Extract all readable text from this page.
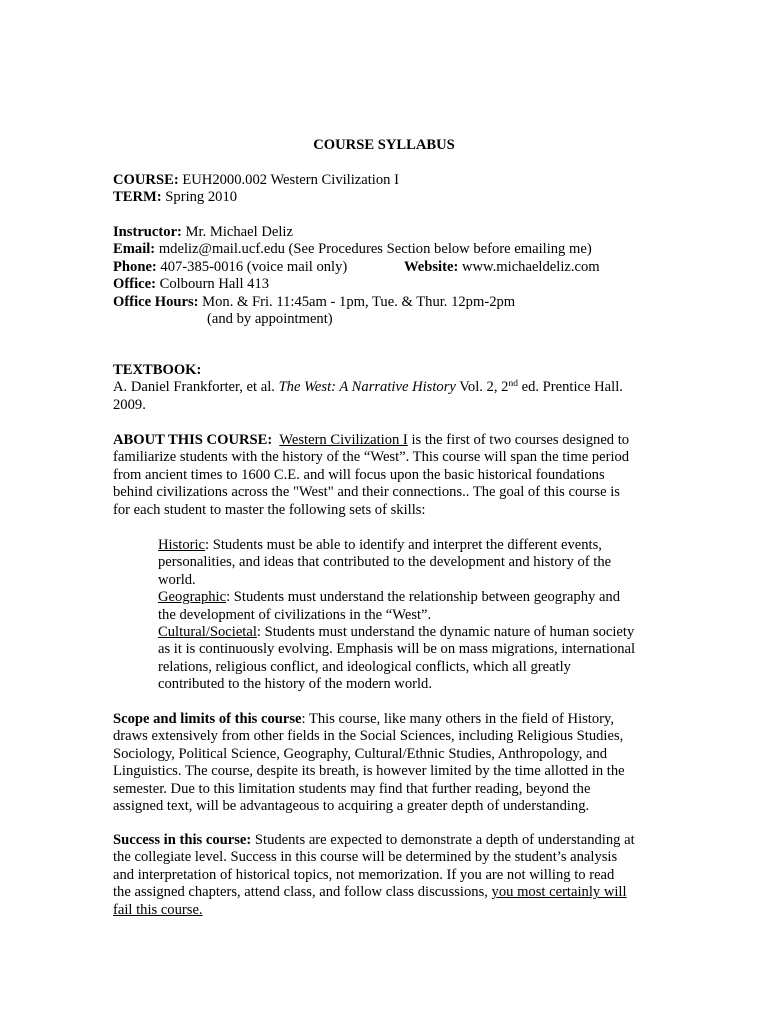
COURSE SYLLABUS
COURSE: EUH2000.002 Western Civilization I
TERM: Spring 2010
Instructor: Mr. Michael Deliz
Email: mdeliz@mail.ucf.edu (See Procedures Section below before emailing me)
Phone: 407-385-0016 (voice mail only)	Website: www.michaeldeliz.com
Office: Colbourn Hall 413
Office Hours: Mon. & Fri. 11:45am - 1pm, Tue. & Thur. 12pm-2pm
(and by appointment)
TEXTBOOK:
A. Daniel Frankforter, et al. The West: A Narrative History Vol. 2, 2nd ed. Prentice Hall.
2009.
ABOUT THIS COURSE: Western Civilization I is the first of two courses designed to
familiarize students with the history of the “West”. This course will span the time period
from ancient times to 1600 C.E. and will focus upon the basic historical foundations
behind civilizations across the "West" and their connections.. The goal of this course is
for each student to master the following sets of skills:
Historic: Students must be able to identify and interpret the different events,
personalities, and ideas that contributed to the development and history of the
world.
Geographic: Students must understand the relationship between geography and
the development of civilizations in the “West”.
Cultural/Societal: Students must understand the dynamic nature of human society
as it is continuously evolving. Emphasis will be on mass migrations, international
relations, religious conflict, and ideological conflicts, which all greatly
contributed to the history of the modern world.
Scope and limits of this course: This course, like many others in the field of History,
draws extensively from other fields in the Social Sciences, including Religious Studies,
Sociology, Political Science, Geography, Cultural/Ethnic Studies, Anthropology, and
Linguistics. The course, despite its breath, is however limited by the time allotted in the
semester. Due to this limitation students may find that further reading, beyond the
assigned text, will be advantageous to acquiring a greater depth of understanding.
Success in this course: Students are expected to demonstrate a depth of understanding at
the collegiate level. Success in this course will be determined by the student’s analysis
and interpretation of historical topics, not memorization. If you are not willing to read
the assigned chapters, attend class, and follow class discussions, you most certainly will
fail this course.
